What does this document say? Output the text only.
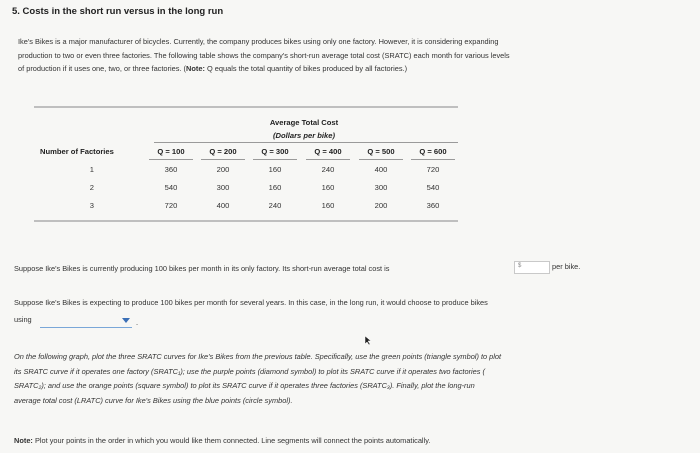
5. Costs in the short run versus in the long run
Ike's Bikes is a major manufacturer of bicycles. Currently, the company produces bikes using only one factory. However, it is considering expanding
production to two or even three factories. The following table shows the company's short-run average total cost (SRATC) each month for various levels
of production if it uses one, two, or three factories. (Note: Q equals the total quantity of bikes produced by all factories.)
Average Total Cost
(Dollars per bike)
Number of Factories	Q = 100	Q = 200	Q = 300	Q = 400	Q = 500	Q = 600
1	360	200	160	240	400	720
2	540	300	160	160	300	540
3	720	400	240	160	200	360
Suppose Ike's Bikes is currently producing 100 bikes per month in its only factory. Its short-run average total cost is	$	per bike.
Suppose Ike's Bikes is expecting to produce 100 bikes per month for several years. In this case, in the long run, it would choose to produce bikes
using	.
On the following graph, plot the three SRATC curves for Ike's Bikes from the previous table. Specifically, use the green points (triangle symbol) to plot
its SRATC curve if it operates one factory (SRATC₁); use the purple points (diamond symbol) to plot its SRATC curve if it operates two factories (
SRATC₂); and use the orange points (square symbol) to plot its SRATC curve if it operates three factories (SRATC₃). Finally, plot the long-run
average total cost (LRATC) curve for Ike's Bikes using the blue points (circle symbol).
Note: Plot your points in the order in which you would like them connected. Line segments will connect the points automatically.
